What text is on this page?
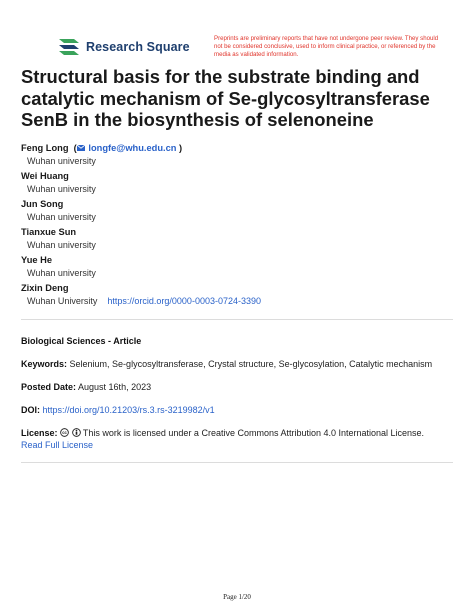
Research Square
Preprints are preliminary reports that have not undergone peer review. They should not be considered conclusive, used to inform clinical practice, or referenced by the media as validated information.
Structural basis for the substrate binding and catalytic mechanism of Se-glycosyltransferase SenB in the biosynthesis of selenoneine
Feng Long  ( longfe@whu.edu.cn )
Wuhan university
Wei Huang
Wuhan university
Jun Song
Wuhan university
Tianxue Sun
Wuhan university
Yue He
Wuhan university
Zixin Deng
Wuhan University https://orcid.org/0000-0003-0724-3390
Biological Sciences - Article
Keywords: Selenium, Se-glycosyltransferase, Crystal structure, Se-glycosylation, Catalytic mechanism
Posted Date: August 16th, 2023
DOI: https://doi.org/10.21203/rs.3.rs-3219982/v1
License: cc This work is licensed under a Creative Commons Attribution 4.0 International License.
Read Full License
Page 1/20
